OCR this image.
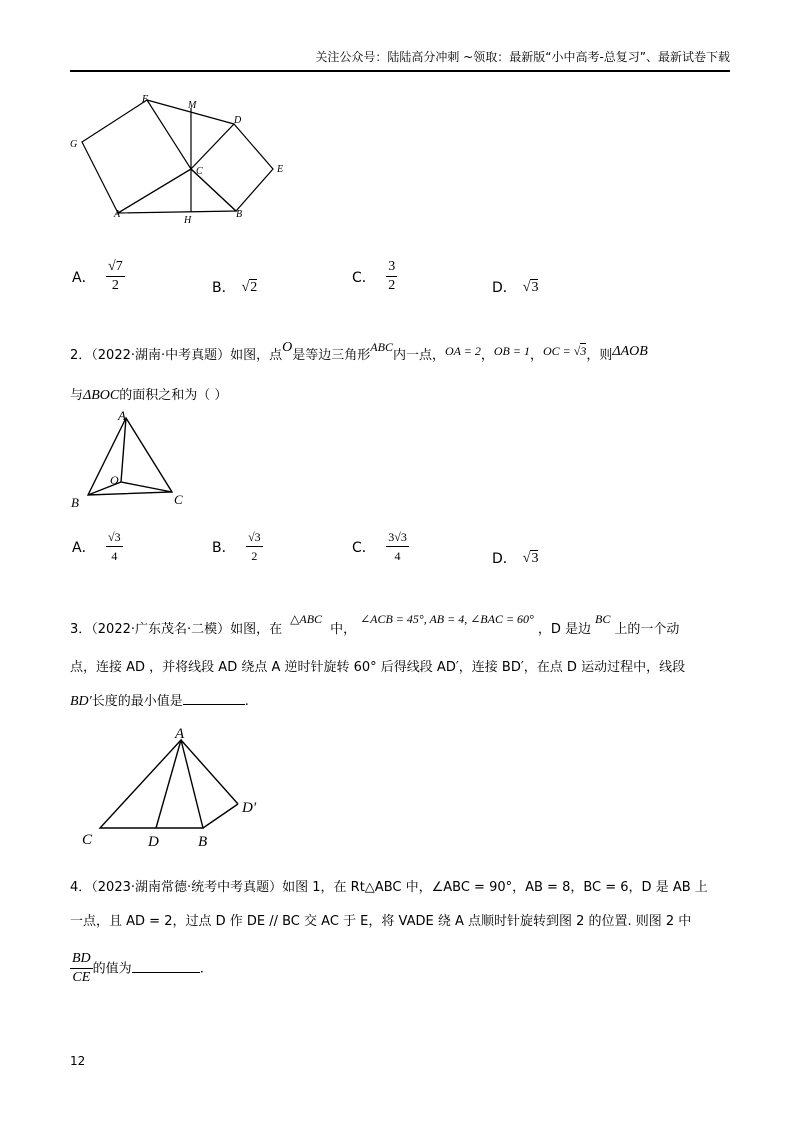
关注公众号：陆陆高分冲刺 ~领取：最新版“小中高考-总复习”、最新试卷下载
F
M
D
G
C	E
A
H
B
A． $\frac{√7}{2}$	B． √2
C． $\frac{3}{2}$	D． √3
2．（2022·湖南·中考真题）如图，点O是等边三角形ABC内一点，OA = 2，OB = 1，OC = √3，则ΔAOB
与ΔBOC的面积之和为（ ）
A
O
B	C
A． $\frac{√3}{4}$	B． $\frac{√3}{2}$	C． $\frac{3√3}{4}$	D． √3
3．（2022·广东茂名·二模）如图，在△ABC中，∠ACB = 45°, AB = 4, ∠BAC = 60°，D 是边BC上的一个动
点，连接 AD ，并将线段 AD 绕点 A 逆时针旋转 60° 后得线段 AD′，连接 BD′，在点 D 运动过程中，线段
BD′长度的最小值是	.
A
D′
C	D	B
4．（2023·湖南常德·统考中考真题）如图 1，在 Rt△ABC 中，∠ABC = 90°，AB = 8，BC = 6，D 是 AB 上
一点，且 AD = 2，过点 D 作 DE // BC 交 AC 于 E，将 VADE 绕 A 点顺时针旋转到图 2 的位置. 则图 2 中
$\frac{BD}{CE}$ 的值为	.
12
